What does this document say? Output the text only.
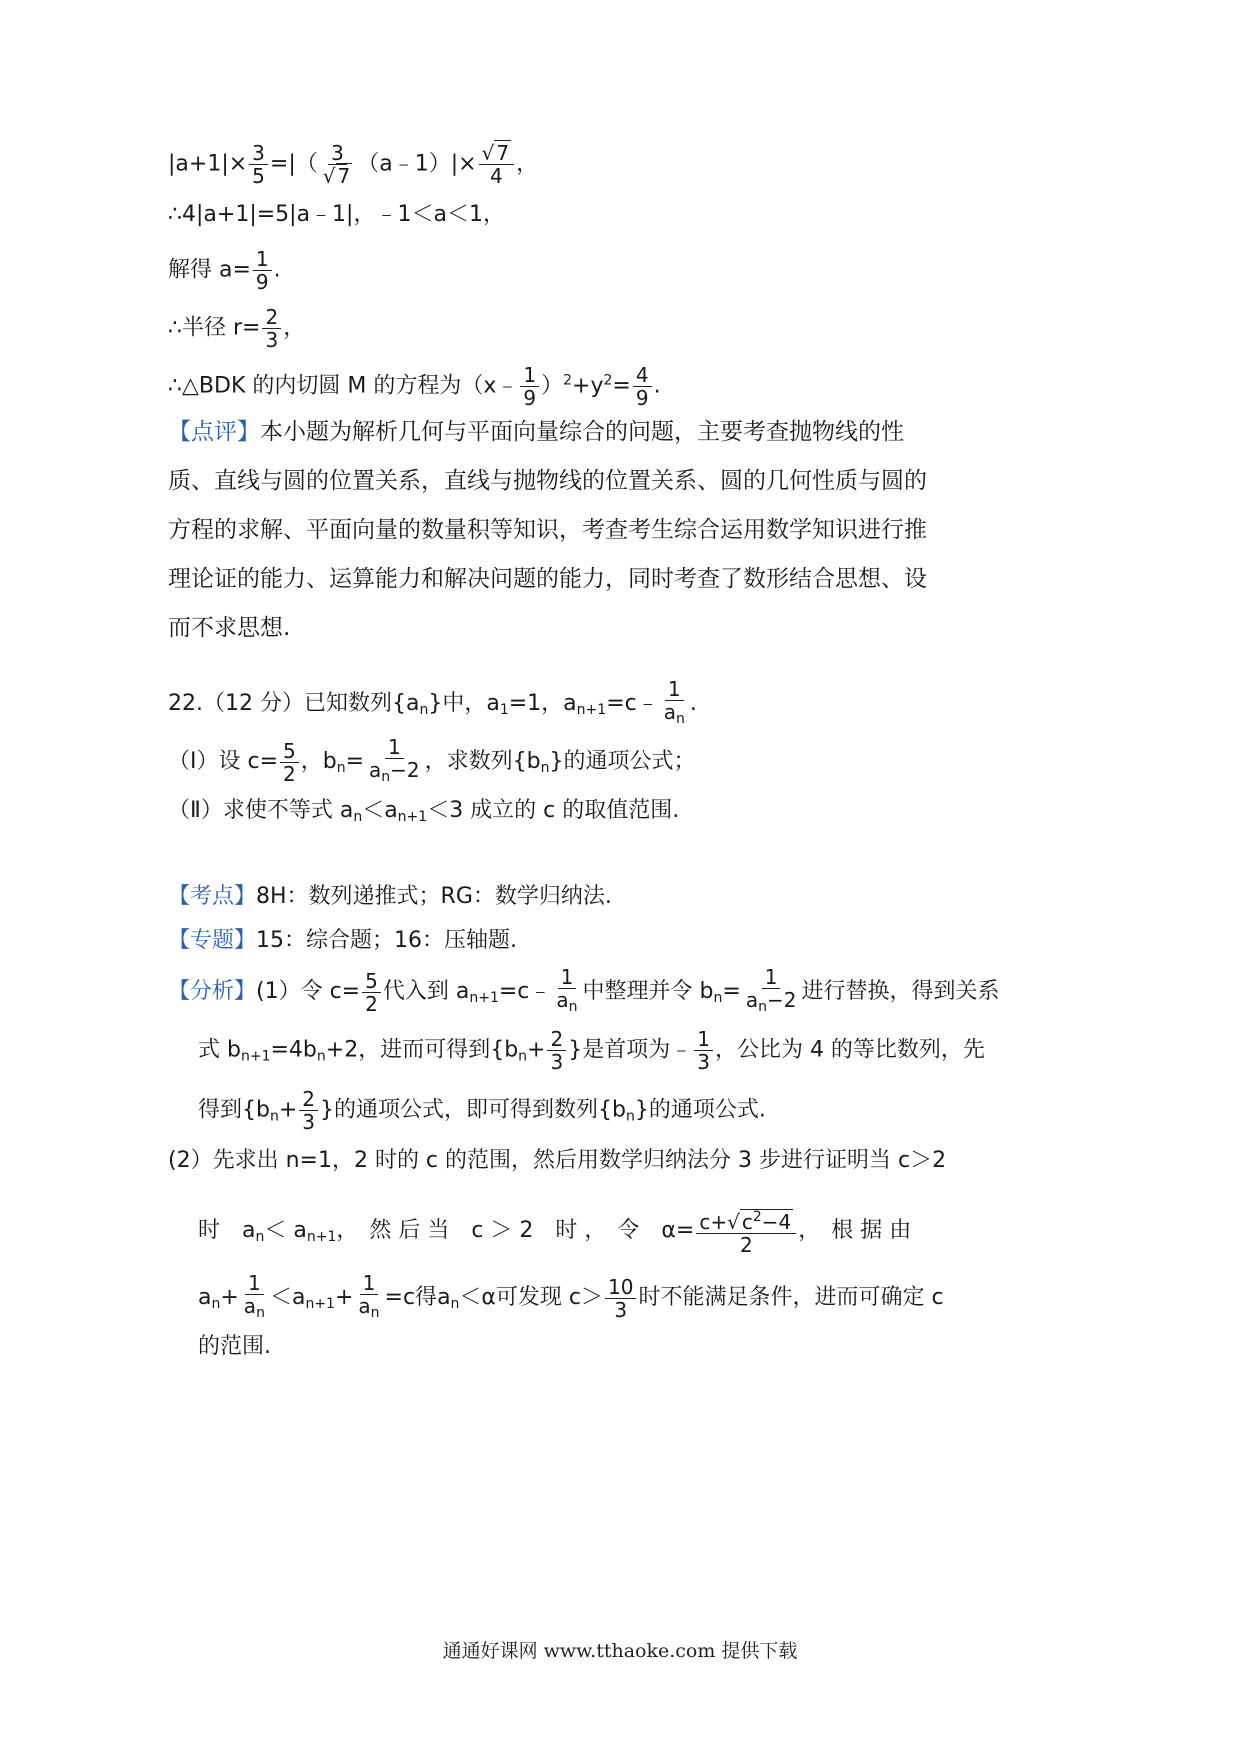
$|a+1|\times \frac{3}{5}$ =|（ $\frac{3}{√ 7}$ （a﹣1）|× $\frac{√ 7}{4}$ ，
∴4|a+1|=5|a﹣1|，﹣1＜a＜1，
解得 $a= \frac{1}{9}$ .
∴半径 $r= \frac{2}{3}$ ，
∴△BDK 的内切圆 M 的方程为（x﹣ $\frac{1}{9} )^2+y^2= \frac{4}{9}$ .
【点评】本小题为解析几何与平面向量综合的问题，主要考查抛物线的性质、直线与圆的位置关系，直线与抛物线的位置关系、圆的几何性质与圆的方程的求解、平面向量的数量积等知识，考查考生综合运用数学知识进行推理论证的能力、运算能力和解决问题的能力，同时考查了数形结合思想、设而不求思想.
22.（12 分）已知数列$\{a_n\}$中，$a_1=1$，$a_{n+1}=c﹣ \frac{1}{a_n}$ .
（Ⅰ）设 $c= \frac{5}{2}$ ，$b_n= \frac{1}{a_n-2}$ ，求数列$\{b_n\}$的通项公式；
（Ⅱ）求使不等式 $a_n<a_{n+1}<3$ 成立的 c 的取值范围.
【考点】8H：数列递推式；RG：数学归纳法.
【专题】15：综合题；16：压轴题.
【分析】(1）令 $c= \frac{5}{2}$ 代入到 $a_{n+1}=c﹣ \frac{1}{a_n}$ 中整理并令 $b_n= \frac{1}{a_n-2}$ 进行替换，得到关系
式 $b_{n+1}=4b_n+2$，进而可得到{$b_n+ \frac{2}{3}$ }是首项为﹣ $\frac{1}{3}$ ，公比为 4 的等比数列，先
得到{$b_n+ \frac{2}{3}$ }的通项公式，即可得到数列$\{b_n\}$的通项公式.
(2）先求出 n=1，2 时的 c 的范围，然后用数学归纳法分 3 步进行证明当 c＞2
时　$a_n< a_{n+1}$，　然 后 当　c ＞ 2　时 ，　令　$\alpha= \frac{c+√ c^2-4}{2}$ ，　根 据 由
$a_n+ \frac{1}{a_n} <a_{n+1}+ \frac{1}{a_n} =c$得$a_n<\alpha$可发现 $c> \frac{10}{3}$ 时不能满足条件，进而可确定 c
的范围.
通通好课网 www.tthaoke.com 提供下载
